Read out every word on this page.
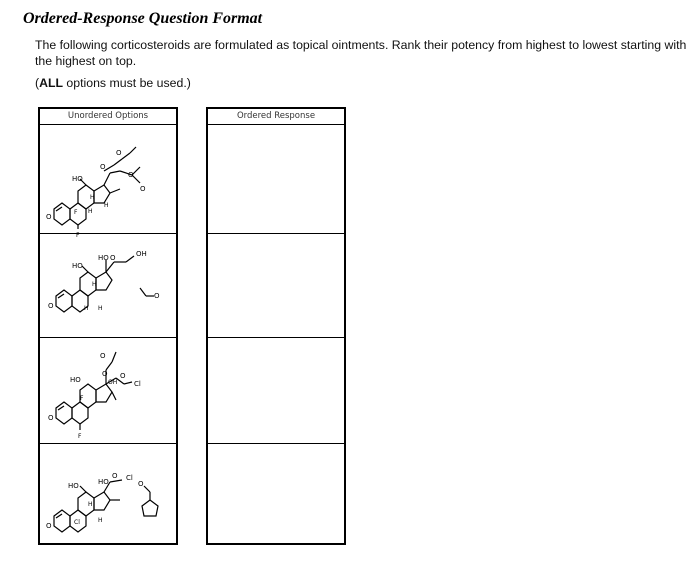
Ordered-Response Question Format
The following corticosteroids are formulated as topical ointments. Rank their potency from highest to lowest starting with the highest on top.
(ALL options must be used.)
Unordered Options
O
HO
F
F
H
H
H
O
O
O
O
O
HO
HO O	OH
O
H
H H
O
HO
F
F
O
O
OH
O
Cl
O
HO	HO
O Cl
O
Cl
H
H
Ordered Response
